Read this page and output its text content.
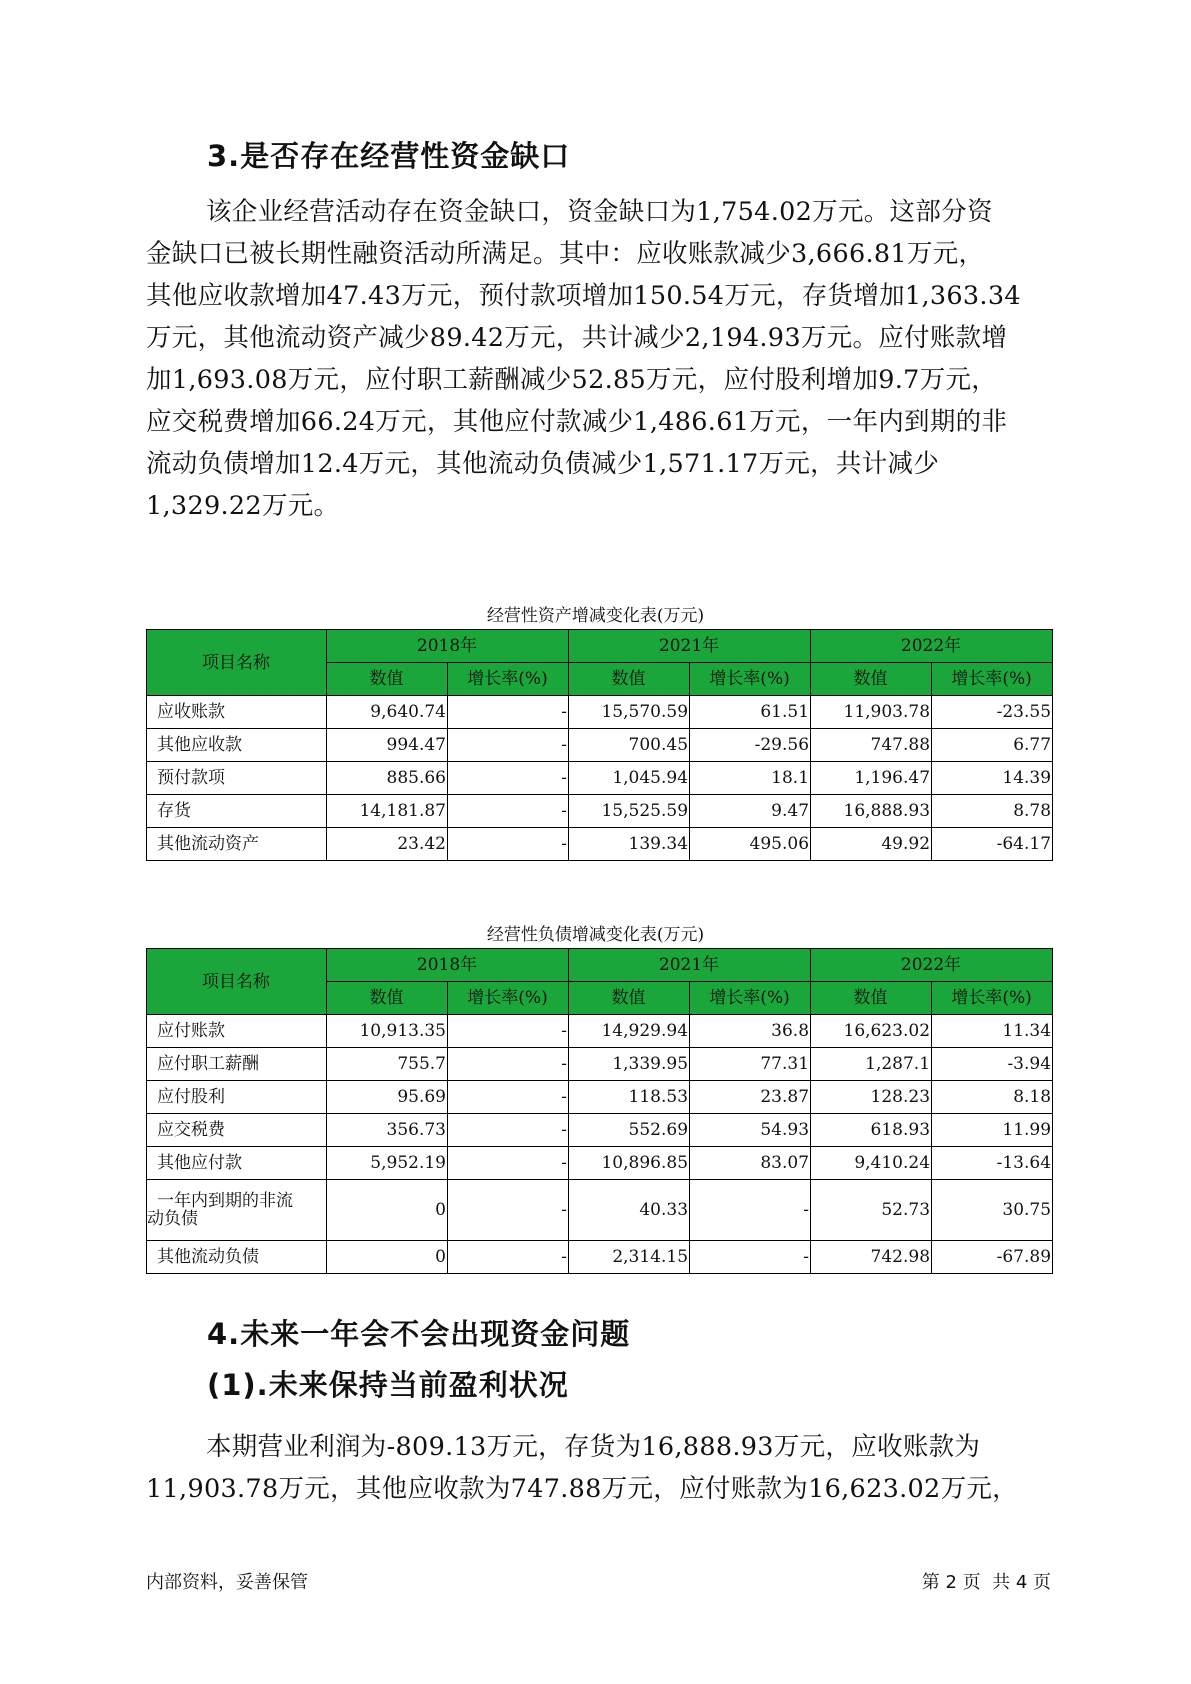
3.是否存在经营性资金缺口
该企业经营活动存在资金缺口，资金缺口为1,754.02万元。这部分资
金缺口已被长期性融资活动所满足。其中：应收账款减少3,666.81万元，
其他应收款增加47.43万元，预付款项增加150.54万元，存货增加1,363.34
万元，其他流动资产减少89.42万元，共计减少2,194.93万元。应付账款增
加1,693.08万元，应付职工薪酬减少52.85万元，应付股利增加9.7万元，
应交税费增加66.24万元，其他应付款减少1,486.61万元，一年内到期的非
流动负债增加12.4万元，其他流动负债减少1,571.17万元，共计减少
1,329.22万元。
经营性资产增减变化表(万元)
项目名称	2018年		2021年		2022年	
	数值	增长率(%)	数值	增长率(%)	数值	增长率(%)
应收账款	9,640.74	-	15,570.59	61.51	11,903.78	-23.55
其他应收款	994.47	-	700.45	-29.56	747.88	6.77
预付款项	885.66	-	1,045.94	18.1	1,196.47	14.39
存货	14,181.87	-	15,525.59	9.47	16,888.93	8.78
其他流动资产	23.42	-	139.34	495.06	49.92	-64.17
经营性负债增减变化表(万元)
项目名称	2018年		2021年		2022年	
	数值	增长率(%)	数值	增长率(%)	数值	增长率(%)
应付账款	10,913.35	-	14,929.94	36.8	16,623.02	11.34
应付职工薪酬	755.7	-	1,339.95	77.31	1,287.1	-3.94
应付股利	95.69	-	118.53	23.87	128.23	8.18
应交税费	356.73	-	552.69	54.93	618.93	11.99
其他应付款	5,952.19	-	10,896.85	83.07	9,410.24	-13.64

一年内到期的非流
动负债	0	-	40.33	-	52.73	30.75
其他流动负债	0	-	2,314.15	-	742.98	-67.89
4.未来一年会不会出现资金问题
(1).未来保持当前盈利状况
本期营业利润为-809.13万元，存货为16,888.93万元，应收账款为
11,903.78万元，其他应收款为747.88万元，应付账款为16,623.02万元，
内部资料，妥善保管	第 2 页  共 4 页
